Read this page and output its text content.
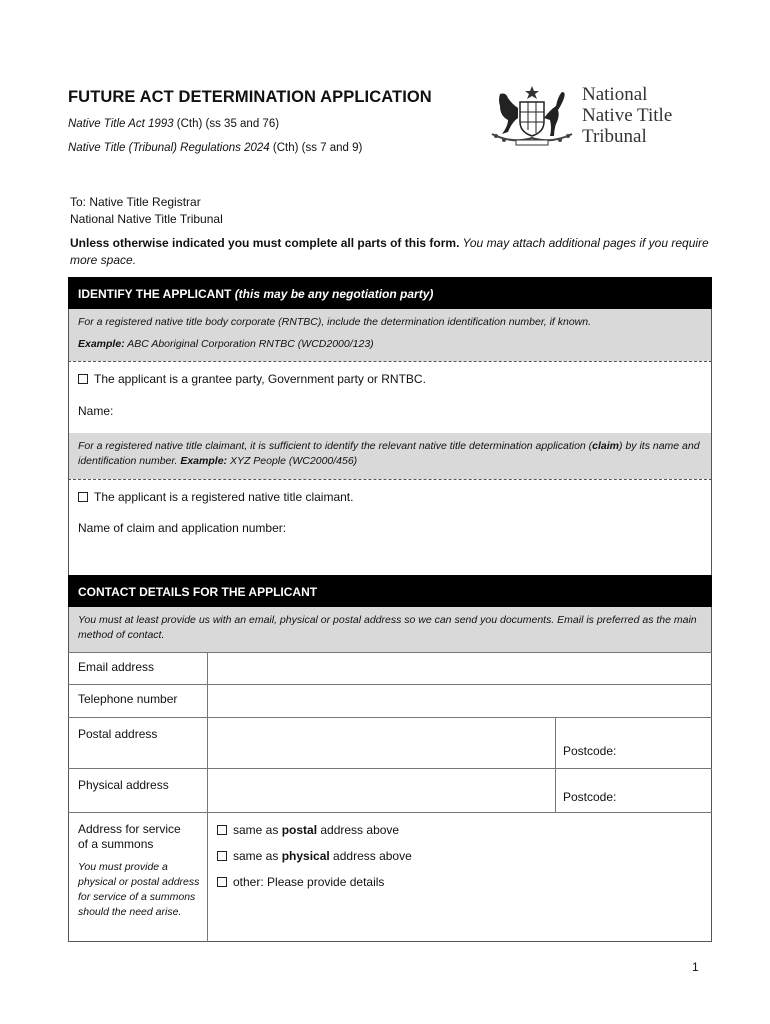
FUTURE ACT DETERMINATION APPLICATION
Native Title Act 1993 (Cth) (ss 35 and 76)
Native Title (Tribunal) Regulations 2024 (Cth) (ss 7 and 9)
National
Native Title
Tribunal
To: Native Title Registrar
National Native Title Tribunal
Unless otherwise indicated you must complete all parts of this form. You may attach additional pages if you require more space.
IDENTIFY THE APPLICANT (this may be any negotiation party)
For a registered native title body corporate (RNTBC), include the determination identification number, if known.
Example: ABC Aboriginal Corporation RNTBC (WCD2000/123)
The applicant is a grantee party, Government party or RNTBC.
Name:
For a registered native title claimant, it is sufficient to identify the relevant native title determination application (claim) by its name and identification number. Example: XYZ People (WC2000/456)
The applicant is a registered native title claimant.
Name of claim and application number:
CONTACT DETAILS FOR THE APPLICANT
You must at least provide us with an email, physical or postal address so we can send you documents. Email is preferred as the main method of contact.
Email address
Telephone number
Postal address
Postcode:
Physical address
Postcode:
Address for service
of a summons
You must provide a physical or postal address for service of a summons should the need arise.
same as postal address above
same as physical address above
other: Please provide details
1
